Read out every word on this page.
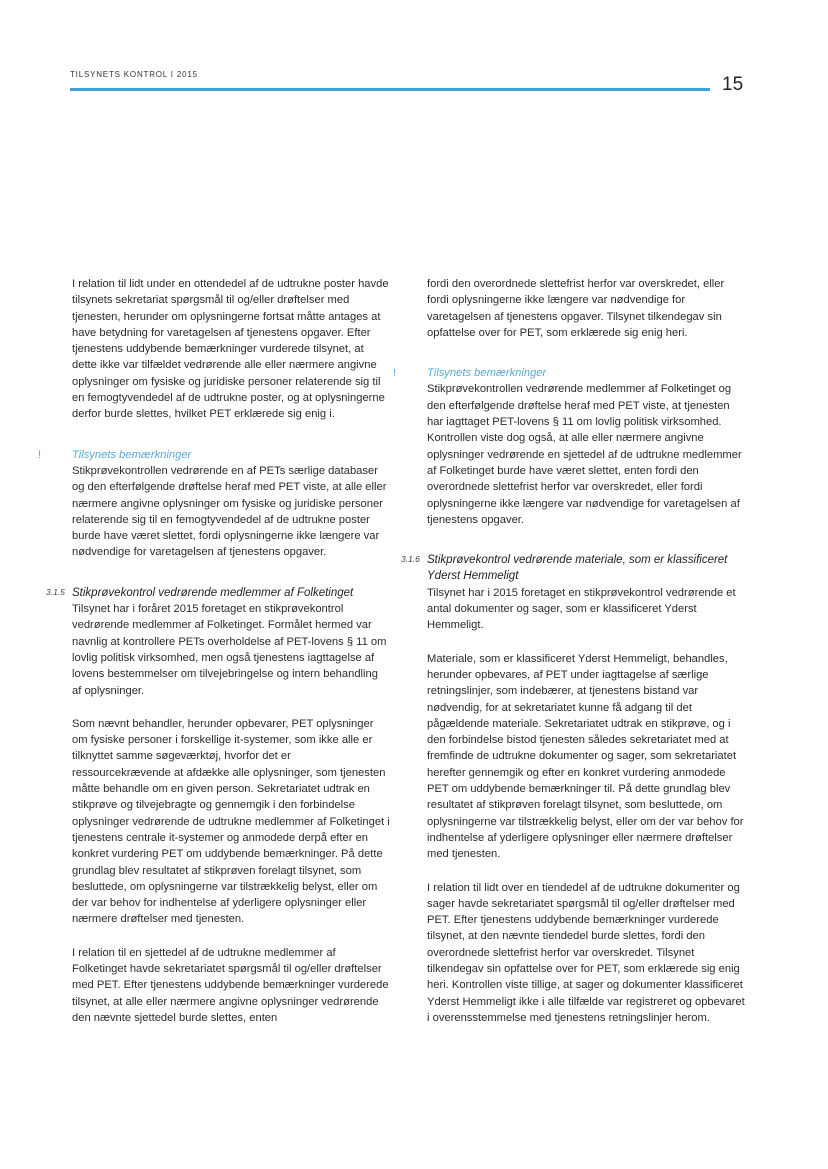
TILSYNETS KONTROL I 2015	15

I relation til lidt under en ottendedel af de udtrukne poster havde tilsynets sekretariat spørgsmål til og/eller drøftelser med tjenesten, herunder om oplysningerne fortsat måtte antages at have betydning for varetagelsen af tjenestens opgaver. Efter tjenestens uddybende bemærkninger vurderede tilsynet, at dette ikke var tilfældet vedrørende alle eller nærmere angivne oplysninger om fysiske og juridiske personer relaterende sig til en femogtyvendedel af de udtrukne poster, og at oplysningerne derfor burde slettes, hvilket PET erklærede sig enig i.

!	Tilsynets bemærkninger

Stikprøvekontrollen vedrørende en af PETs særlige databaser og den efterfølgende drøftelse heraf med PET viste, at alle eller nærmere angivne oplysninger om fysiske og juridiske personer relaterende sig til en femogtyvendedel af de udtrukne poster burde have været slettet, fordi oplysningerne ikke længere var nødvendige for varetagelsen af tjenestens opgaver.

3.1.5 Stikprøvekontrol vedrørende medlemmer af Folketinget

Tilsynet har i foråret 2015 foretaget en stikprøvekontrol vedrørende medlemmer af Folketinget. Formålet hermed var navnlig at kontrollere PETs overholdelse af PET-lovens § 11 om lovlig politisk virksomhed, men også tjenestens iagttagelse af lovens bestemmelser om tilvejebringelse og intern behandling af oplysninger.

Som nævnt behandler, herunder opbevarer, PET oplysninger om fysiske personer i forskellige it-systemer, som ikke alle er tilknyttet samme søgeværktøj, hvorfor det er ressourcekrævende at afdække alle oplysninger, som tjenesten måtte behandle om en given person. Sekretariatet udtrak en stikprøve og tilvejebragte og gennemgik i den forbindelse oplysninger vedrørende de udtrukne medlemmer af Folketinget i tjenestens centrale it-systemer og anmodede derpå efter en konkret vurdering PET om uddybende bemærkninger. På dette grundlag blev resultatet af stikprøven forelagt tilsynet, som besluttede, om oplysningerne var tilstrækkelig belyst, eller om der var behov for indhentelse af yderligere oplysninger eller nærmere drøftelser med tjenesten.

I relation til en sjettedel af de udtrukne medlemmer af Folketinget havde sekretariatet spørgsmål til og/eller drøftelser med PET. Efter tjenestens uddybende bemærkninger vurderede tilsynet, at alle eller nærmere angivne oplysninger vedrørende den nævnte sjettedel burde slettes, enten

fordi den overordnede slettefrist herfor var overskredet, eller fordi oplysningerne ikke længere var nødvendige for varetagelsen af tjenestens opgaver. Tilsynet tilkendegav sin opfattelse over for PET, som erklærede sig enig heri.

!	Tilsynets bemærkninger

Stikprøvekontrollen vedrørende medlemmer af Folketinget og den efterfølgende drøftelse heraf med PET viste, at tjenesten har iagttaget PET-lovens § 11 om lovlig politisk virksomhed. Kontrollen viste dog også, at alle eller nærmere angivne oplysninger vedrørende en sjettedel af de udtrukne medlemmer af Folketinget burde have været slettet, enten fordi den overordnede slettefrist herfor var overskredet, eller fordi oplysningerne ikke længere var nødvendige for varetagelsen af tjenestens opgaver.

3.1.6 Stikprøvekontrol vedrørende materiale, som er klassificeret Yderst Hemmeligt

Tilsynet har i 2015 foretaget en stikprøvekontrol vedrørende et antal dokumenter og sager, som er klassificeret Yderst Hemmeligt.

Materiale, som er klassificeret Yderst Hemmeligt, behandles, herunder opbevares, af PET under iagttagelse af særlige retningslinjer, som indebærer, at tjenestens bistand var nødvendig, for at sekretariatet kunne få adgang til det pågældende materiale. Sekretariatet udtrak en stikprøve, og i den forbindelse bistod tjenesten således sekretariatet med at fremfinde de udtrukne dokumenter og sager, som sekretariatet herefter gennemgik og efter en konkret vurdering anmodede PET om uddybende bemærkninger til. På dette grundlag blev resultatet af stikprøven forelagt tilsynet, som besluttede, om oplysningerne var tilstrækkelig belyst, eller om der var behov for indhentelse af yderligere oplysninger eller nærmere drøftelser med tjenesten.

I relation til lidt over en tiendedel af de udtrukne dokumenter og sager havde sekretariatet spørgsmål til og/eller drøftelser med PET. Efter tjenestens uddybende bemærkninger vurderede tilsynet, at den nævnte tiendedel burde slettes, fordi den overordnede slettefrist herfor var overskredet. Tilsynet tilkendegav sin opfattelse over for PET, som erklærede sig enig heri. Kontrollen viste tillige, at sager og dokumenter klassificeret Yderst Hemmeligt ikke i alle tilfælde var registreret og opbevaret i overensstemmelse med tjenestens retningslinjer herom.
